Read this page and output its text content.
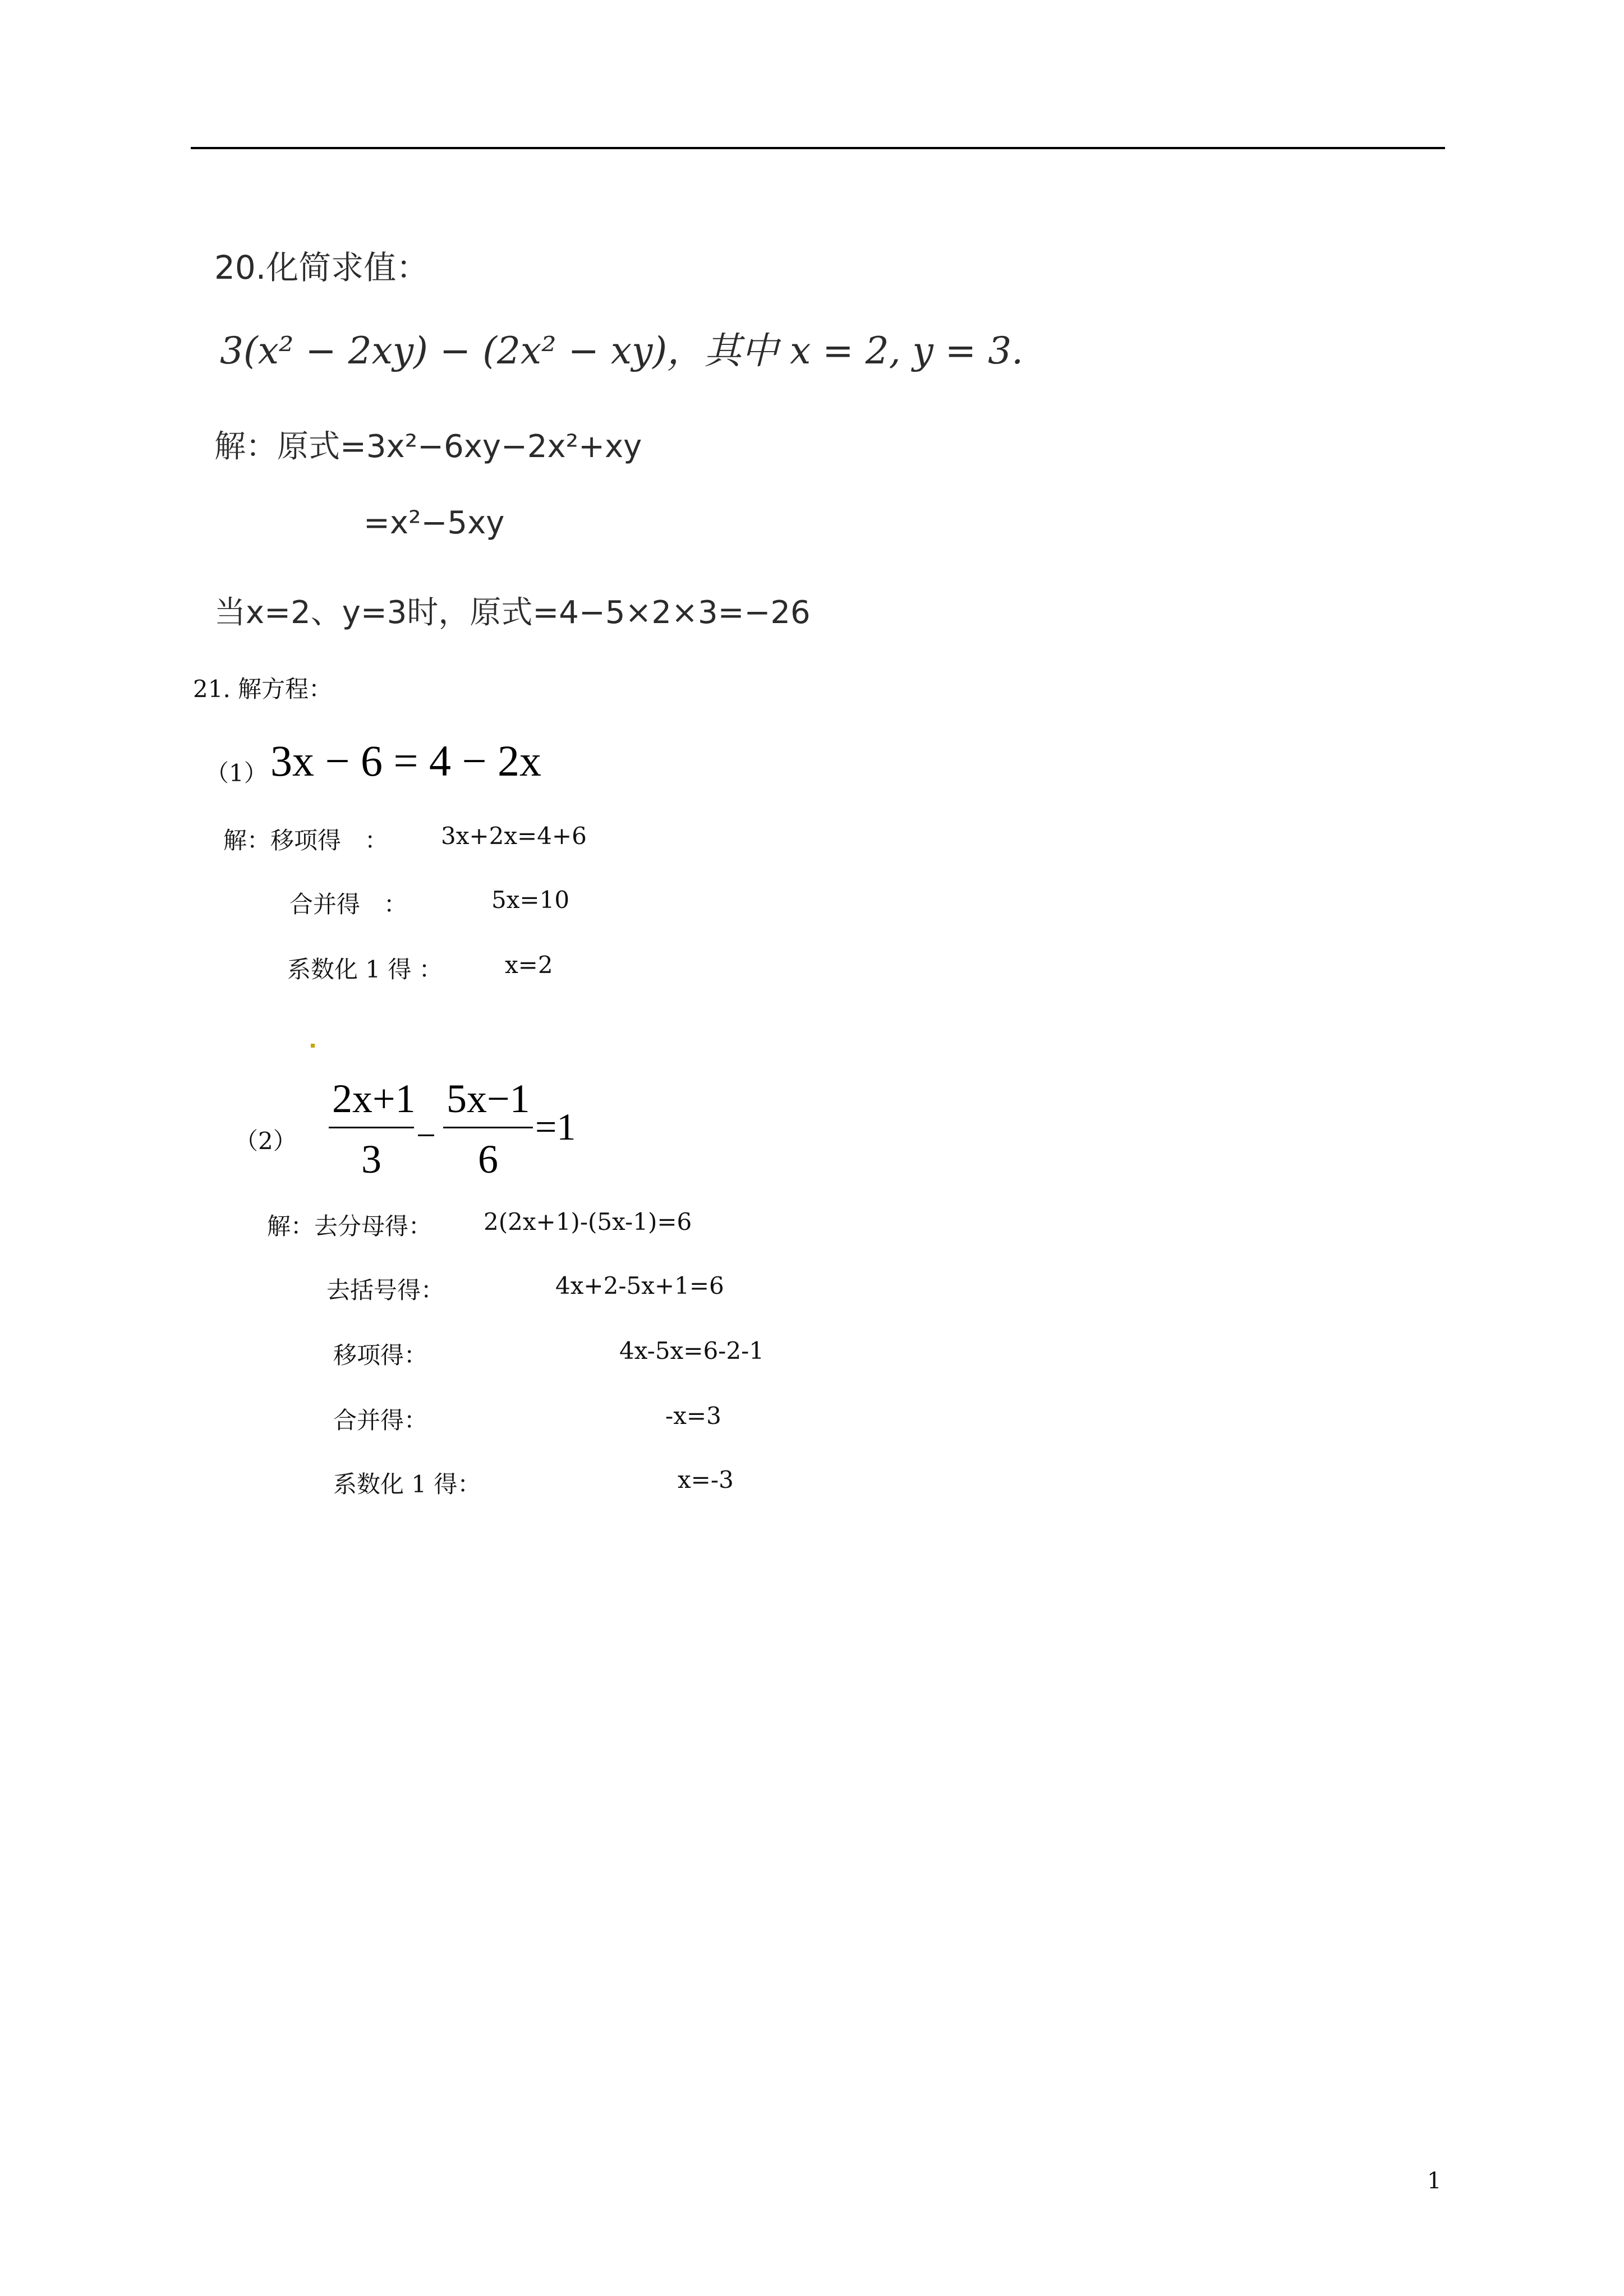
20.化简求值：
3(x² − 2xy) − (2x² − xy)，其中 x = 2, y = 3.
解：原式=3x²−6xy−2x²+xy
=x²−5xy
当x=2、y=3时，原式=4−5×2×3=−26
21. 解方程：
（1） 3x − 6 = 4 − 2x
解：移项得　： 3x+2x=4+6
合并得　：	5x=10
系数化 1 得 ：	x=2
（2）
2x+1
3
−
5x−1
6
=1
解：去分母得： 2(2x+1)-(5x-1)=6
去括号得：	4x+2-5x+1=6
移项得：	4x-5x=6-2-1
合并得：	-x=3
系数化 1 得：	x=-3
1
